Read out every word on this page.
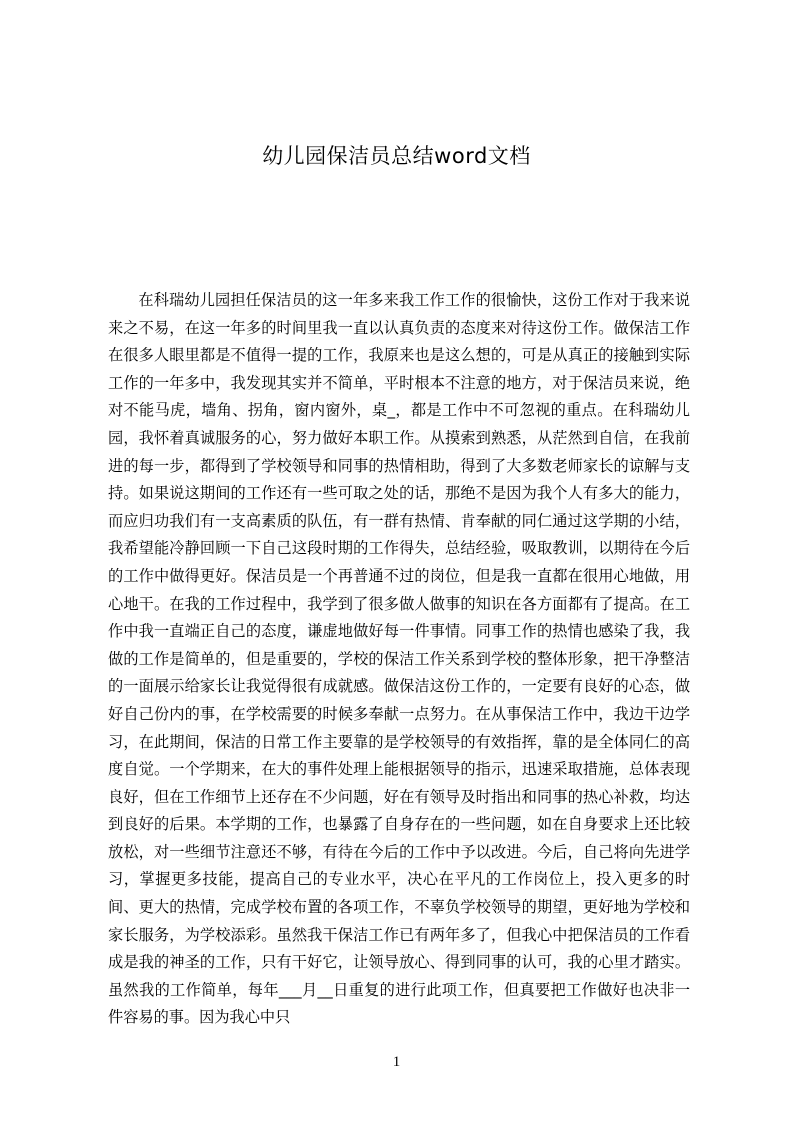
幼儿园保洁员总结word文档

在科瑞幼儿园担任保洁员的这一年多来我工作工作的很愉快，这份工作对于我来说来之不易，在这一年多的时间里我一直以认真负责的态度来对待这份工作。做保洁工作在很多人眼里都是不值得一提的工作，我原来也是这么想的，可是从真正的接触到实际工作的一年多中，我发现其实并不简单，平时根本不注意的地方，对于保洁员来说，绝对不能马虎，墙角、拐角，窗内窗外，桌_，都是工作中不可忽视的重点。在科瑞幼儿园，我怀着真诚服务的心，努力做好本职工作。从摸索到熟悉，从茫然到自信，在我前进的每一步，都得到了学校领导和同事的热情相助，得到了大多数老师家长的谅解与支持。如果说这期间的工作还有一些可取之处的话，那绝不是因为我个人有多大的能力，而应归功我们有一支高素质的队伍，有一群有热情、肯奉献的同仁通过这学期的小结，我希望能冷静回顾一下自己这段时期的工作得失，总结经验，吸取教训，以期待在今后的工作中做得更好。保洁员是一个再普通不过的岗位，但是我一直都在很用心地做，用心地干。在我的工作过程中，我学到了很多做人做事的知识在各方面都有了提高。在工作中我一直端正自己的态度，谦虚地做好每一件事情。同事工作的热情也感染了我，我做的工作是简单的，但是重要的，学校的保洁工作关系到学校的整体形象，把干净整洁的一面展示给家长让我觉得很有成就感。做保洁这份工作的，一定要有良好的心态，做好自己份内的事，在学校需要的时候多奉献一点努力。在从事保洁工作中，我边干边学习，在此期间，保洁的日常工作主要靠的是学校领导的有效指挥，靠的是全体同仁的高度自觉。一个学期来，在大的事件处理上能根据领导的指示，迅速采取措施，总体表现良好，但在工作细节上还存在不少问题，好在有领导及时指出和同事的热心补救，均达到良好的后果。本学期的工作，也暴露了自身存在的一些问题，如在自身要求上还比较放松，对一些细节注意还不够，有待在今后的工作中予以改进。今后，自己将向先进学习，掌握更多技能，提高自己的专业水平，决心在平凡的工作岗位上，投入更多的时间、更大的热情，完成学校布置的各项工作，不辜负学校领导的期望，更好地为学校和家长服务，为学校添彩。虽然我干保洁工作已有两年多了，但我心中把保洁员的工作看成是我的神圣的工作，只有干好它，让领导放心、得到同事的认可，我的心里才踏实。虽然我的工作简单，每年___月__日重复的进行此项工作，但真要把工作做好也决非一件容易的事。因为我心中只

1
